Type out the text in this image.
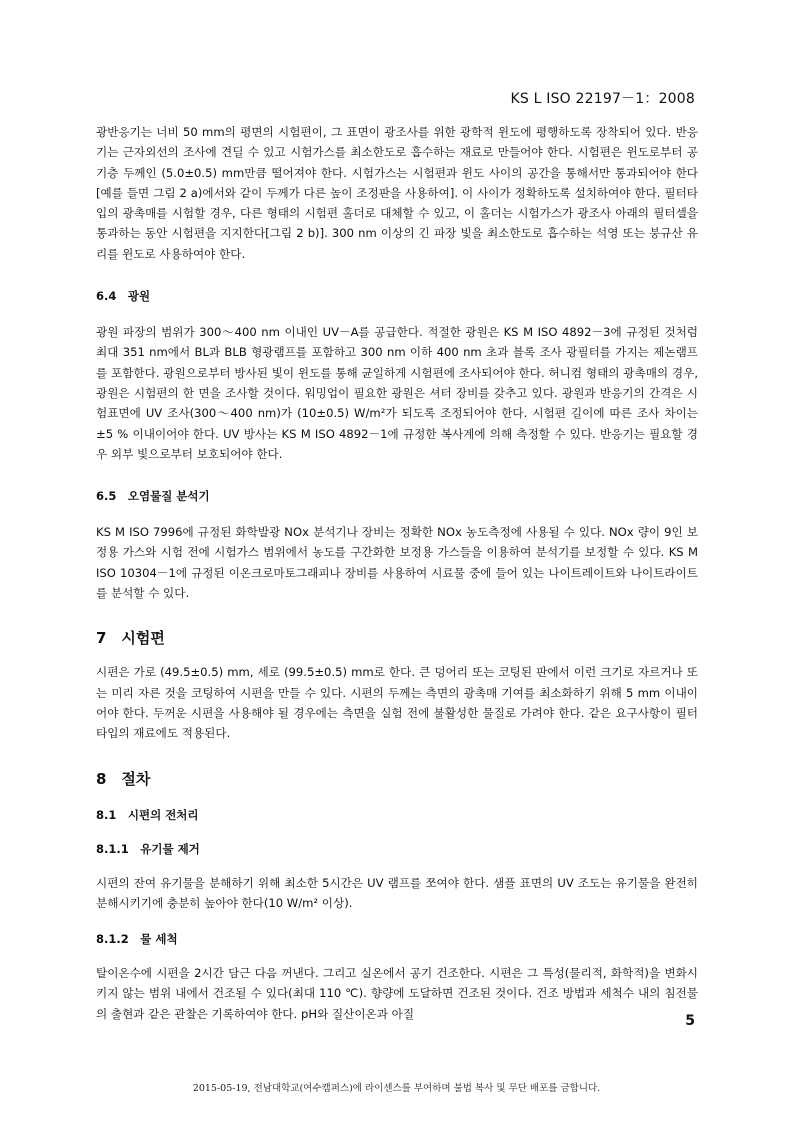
KS L ISO 22197－1：2008

광반응기는 너비 50 mm의 평면의 시험편이, 그 표면이 광조사를 위한 광학적 윈도에 평행하도록 장착되어 있다. 반응기는 근자외선의 조사에 견딜 수 있고 시험가스를 최소한도로 흡수하는 재료로 만들어야 한다. 시험편은 윈도로부터 공기층 두께인 (5.0±0.5) mm만큼 떨어져야 한다. 시험가스는 시험편과 윈도 사이의 공간을 통해서만 통과되어야 한다[예를 들면 그림 2 a)에서와 같이 두께가 다른 높이 조정판을 사용하여]. 이 사이가 정확하도록 설치하여야 한다. 필터타입의 광촉매를 시험할 경우, 다른 형태의 시험편 홀더로 대체할 수 있고, 이 홀더는 시험가스가 광조사 아래의 필터셀을 통과하는 동안 시험편을 지지한다[그림 2 b)]. 300 nm 이상의 긴 파장 빛을 최소한도로 흡수하는 석영 또는 붕규산 유리를 윈도로 사용하여야 한다.

6.4　광원

광원 파장의 범위가 300～400 nm 이내인 UV－A를 공급한다. 적절한 광원은 KS M ISO 4892－3에 규정된 것처럼 최대 351 nm에서 BL과 BLB 형광램프를 포함하고 300 nm 이하 400 nm 초과 블록 조사 광필터를 가지는 제논램프를 포함한다. 광원으로부터 방사된 빛이 윈도를 통해 균일하게 시험편에 조사되어야 한다. 허니컴 형태의 광촉매의 경우, 광원은 시험편의 한 면을 조사할 것이다. 워밍업이 필요한 광원은 셔터 장비를 갖추고 있다. 광원과 반응기의 간격은 시험표면에 UV 조사(300～400 nm)가 (10±0.5) W/m²가 되도록 조정되어야 한다. 시험편 길이에 따른 조사 차이는 ±5 % 이내이어야 한다. UV 방사는 KS M ISO 4892－1에 규정한 복사계에 의해 측정할 수 있다. 반응기는 필요할 경우 외부 빛으로부터 보호되어야 한다.

6.5　오염물질 분석기

KS M ISO 7996에 규정된 화학발광 NOx 분석기나 장비는 정확한 NOx 농도측정에 사용될 수 있다. NOx 량이 9인 보정용 가스와 시험 전에 시험가스 범위에서 농도를 구간화한 보정용 가스들을 이용하여 분석기를 보정할 수 있다. KS M ISO 10304－1에 규정된 이온크로마토그래피나 장비를 사용하여 시료물 중에 들어 있는 나이트레이트와 나이트라이트를 분석할 수 있다.

7　시험편

시편은 가로 (49.5±0.5) mm, 세로 (99.5±0.5) mm로 한다. 큰 덩어리 또는 코팅된 판에서 이런 크기로 자르거나 또는 미리 자른 것을 코팅하여 시편을 만들 수 있다. 시편의 두께는 측면의 광촉매 기여를 최소화하기 위해 5 mm 이내이어야 한다. 두꺼운 시편을 사용해야 될 경우에는 측면을 실험 전에 불활성한 물질로 가려야 한다. 같은 요구사항이 필터 타입의 재료에도 적용된다.

8　절차
8.1　시편의 전처리
8.1.1　유기물 제거

시편의 잔여 유기물을 분해하기 위해 최소한 5시간은 UV 램프를 쪼여야 한다. 샘플 표면의 UV 조도는 유기물을 완전히 분해시키기에 충분히 높아야 한다(10 W/m² 이상).

8.1.2　물 세척

탈이온수에 시편을 2시간 담근 다음 꺼낸다. 그리고 실온에서 공기 건조한다. 시편은 그 특성(물리적, 화학적)을 변화시키지 않는 범위 내에서 건조될 수 있다(최대 110 ℃). 향량에 도달하면 건조된 것이다. 건조 방법과 세척수 내의 침전물의 출현과 같은 관찰은 기록하여야 한다. pH와 질산이온과 아질	5
2015-05-19, 전남대학교(여수캠퍼스)에 라이센스를 부여하며 불법 복사 및 무단 배포를 금합니다.
